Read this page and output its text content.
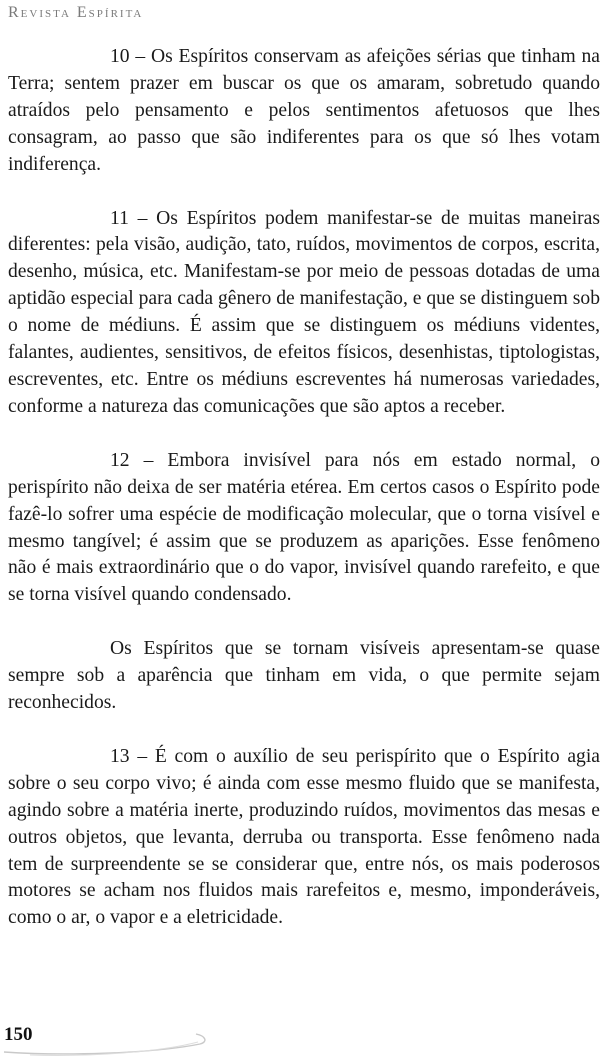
Revista Espírita

10 – Os Espíritos conservam as afeições sérias que tinham na Terra; sentem prazer em buscar os que os amaram, sobretudo quando atraídos pelo pensamento e pelos sentimentos afetuosos que lhes consagram, ao passo que são indiferentes para os que só lhes votam indiferença.

11 – Os Espíritos podem manifestar-se de muitas maneiras diferentes: pela visão, audição, tato, ruídos, movimentos de corpos, escrita, desenho, música, etc. Manifestam-se por meio de pessoas dotadas de uma aptidão especial para cada gênero de manifestação, e que se distinguem sob o nome de médiuns. É assim que se distinguem os médiuns videntes, falantes, audientes, sensitivos, de efeitos físicos, desenhistas, tiptologistas, escreventes, etc. Entre os médiuns escreventes há numerosas variedades, conforme a natureza das comunicações que são aptos a receber.

12 – Embora invisível para nós em estado normal, o perispírito não deixa de ser matéria etérea. Em certos casos o Espírito pode fazê-lo sofrer uma espécie de modificação molecular, que o torna visível e mesmo tangível; é assim que se produzem as aparições. Esse fenômeno não é mais extraordinário que o do vapor, invisível quando rarefeito, e que se torna visível quando condensado.

Os Espíritos que se tornam visíveis apresentam-se quase sempre sob a aparência que tinham em vida, o que permite sejam reconhecidos.

13 – É com o auxílio de seu perispírito que o Espírito agia sobre o seu corpo vivo; é ainda com esse mesmo fluido que se manifesta, agindo sobre a matéria inerte, produzindo ruídos, movimentos das mesas e outros objetos, que levanta, derruba ou transporta. Esse fenômeno nada tem de surpreendente se se considerar que, entre nós, os mais poderosos motores se acham nos fluidos mais rarefeitos e, mesmo, imponderáveis, como o ar, o vapor e a eletricidade.

150
